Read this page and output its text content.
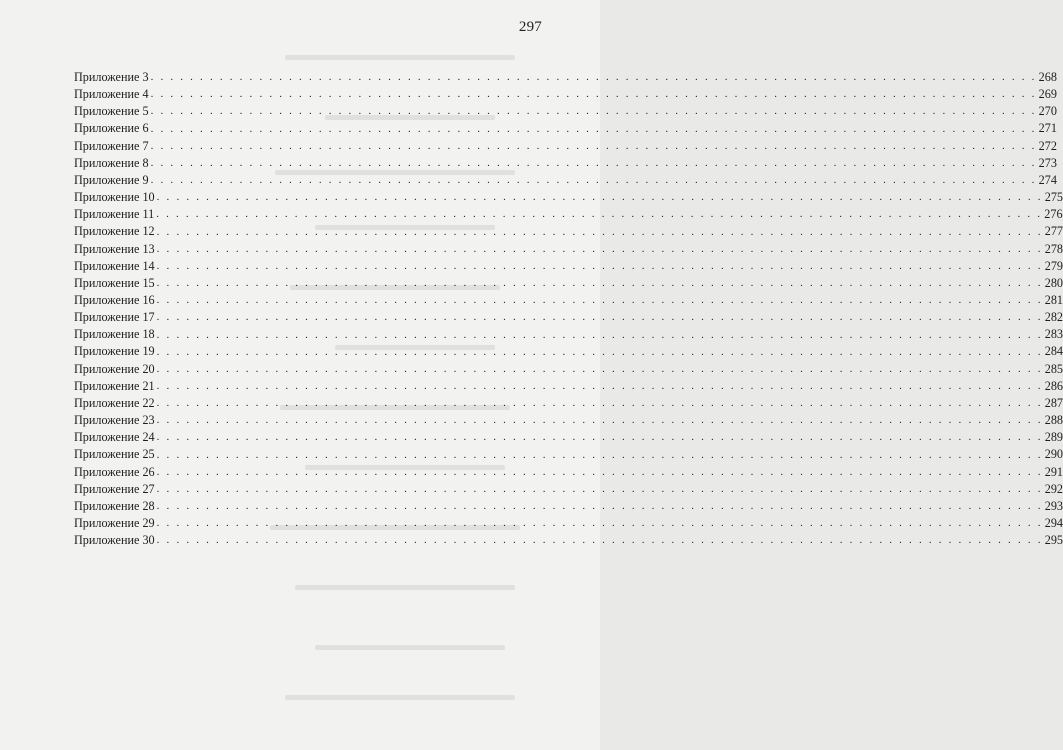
297
Приложение 3 . . . . . . . . . . . . . . . . . . . . . . . . . . . . . . . . . . . . . . . . . . . . . . . . . . . . . . . . . . . . . . . . . . . . . . . . . . . . . . . . . . . . . . . . . . 268
Приложение 4 . . . . . . . . . . . . . . . . . . . . . . . . . . . . . . . . . . . . . . . . . . . . . . . . . . . . . . . . . . . . . . . . . . . . . . . . . . . . . . . . . . . . . . . . . . 269
Приложение 5 . . . . . . . . . . . . . . . . . . . . . . . . . . . . . . . . . . . . . . . . . . . . . . . . . . . . . . . . . . . . . . . . . . . . . . . . . . . . . . . . . . . . . . . . . . 270
Приложение 6 . . . . . . . . . . . . . . . . . . . . . . . . . . . . . . . . . . . . . . . . . . . . . . . . . . . . . . . . . . . . . . . . . . . . . . . . . . . . . . . . . . . . . . . . . . 271
Приложение 7 . . . . . . . . . . . . . . . . . . . . . . . . . . . . . . . . . . . . . . . . . . . . . . . . . . . . . . . . . . . . . . . . . . . . . . . . . . . . . . . . . . . . . . . . . . 272
Приложение 8 . . . . . . . . . . . . . . . . . . . . . . . . . . . . . . . . . . . . . . . . . . . . . . . . . . . . . . . . . . . . . . . . . . . . . . . . . . . . . . . . . . . . . . . . . . 273
Приложение 9 . . . . . . . . . . . . . . . . . . . . . . . . . . . . . . . . . . . . . . . . . . . . . . . . . . . . . . . . . . . . . . . . . . . . . . . . . . . . . . . . . . . . . . . . . . 274
Приложение 10 . . . . . . . . . . . . . . . . . . . . . . . . . . . . . . . . . . . . . . . . . . . . . . . . . . . . . . . . . . . . . . . . . . . . . . . . . . . . . . . . . . . . . . . . . . 275
Приложение 11 . . . . . . . . . . . . . . . . . . . . . . . . . . . . . . . . . . . . . . . . . . . . . . . . . . . . . . . . . . . . . . . . . . . . . . . . . . . . . . . . . . . . . . . . . . 276
Приложение 12 . . . . . . . . . . . . . . . . . . . . . . . . . . . . . . . . . . . . . . . . . . . . . . . . . . . . . . . . . . . . . . . . . . . . . . . . . . . . . . . . . . . . . . . . . . 277
Приложение 13 . . . . . . . . . . . . . . . . . . . . . . . . . . . . . . . . . . . . . . . . . . . . . . . . . . . . . . . . . . . . . . . . . . . . . . . . . . . . . . . . . . . . . . . . . . 278
Приложение 14 . . . . . . . . . . . . . . . . . . . . . . . . . . . . . . . . . . . . . . . . . . . . . . . . . . . . . . . . . . . . . . . . . . . . . . . . . . . . . . . . . . . . . . . . . . 279
Приложение 15 . . . . . . . . . . . . . . . . . . . . . . . . . . . . . . . . . . . . . . . . . . . . . . . . . . . . . . . . . . . . . . . . . . . . . . . . . . . . . . . . . . . . . . . . . . 280
Приложение 16 . . . . . . . . . . . . . . . . . . . . . . . . . . . . . . . . . . . . . . . . . . . . . . . . . . . . . . . . . . . . . . . . . . . . . . . . . . . . . . . . . . . . . . . . . . 281
Приложение 17 . . . . . . . . . . . . . . . . . . . . . . . . . . . . . . . . . . . . . . . . . . . . . . . . . . . . . . . . . . . . . . . . . . . . . . . . . . . . . . . . . . . . . . . . . . 282
Приложение 18 . . . . . . . . . . . . . . . . . . . . . . . . . . . . . . . . . . . . . . . . . . . . . . . . . . . . . . . . . . . . . . . . . . . . . . . . . . . . . . . . . . . . . . . . . . 283
Приложение 19 . . . . . . . . . . . . . . . . . . . . . . . . . . . . . . . . . . . . . . . . . . . . . . . . . . . . . . . . . . . . . . . . . . . . . . . . . . . . . . . . . . . . . . . . . . 284
Приложение 20 . . . . . . . . . . . . . . . . . . . . . . . . . . . . . . . . . . . . . . . . . . . . . . . . . . . . . . . . . . . . . . . . . . . . . . . . . . . . . . . . . . . . . . . . . . 285
Приложение 21 . . . . . . . . . . . . . . . . . . . . . . . . . . . . . . . . . . . . . . . . . . . . . . . . . . . . . . . . . . . . . . . . . . . . . . . . . . . . . . . . . . . . . . . . . . 286
Приложение 22 . . . . . . . . . . . . . . . . . . . . . . . . . . . . . . . . . . . . . . . . . . . . . . . . . . . . . . . . . . . . . . . . . . . . . . . . . . . . . . . . . . . . . . . . . . 287
Приложение 23 . . . . . . . . . . . . . . . . . . . . . . . . . . . . . . . . . . . . . . . . . . . . . . . . . . . . . . . . . . . . . . . . . . . . . . . . . . . . . . . . . . . . . . . . . . 288
Приложение 24 . . . . . . . . . . . . . . . . . . . . . . . . . . . . . . . . . . . . . . . . . . . . . . . . . . . . . . . . . . . . . . . . . . . . . . . . . . . . . . . . . . . . . . . . . . 289
Приложение 25 . . . . . . . . . . . . . . . . . . . . . . . . . . . . . . . . . . . . . . . . . . . . . . . . . . . . . . . . . . . . . . . . . . . . . . . . . . . . . . . . . . . . . . . . . . 290
Приложение 26 . . . . . . . . . . . . . . . . . . . . . . . . . . . . . . . . . . . . . . . . . . . . . . . . . . . . . . . . . . . . . . . . . . . . . . . . . . . . . . . . . . . . . . . . . . 291
Приложение 27 . . . . . . . . . . . . . . . . . . . . . . . . . . . . . . . . . . . . . . . . . . . . . . . . . . . . . . . . . . . . . . . . . . . . . . . . . . . . . . . . . . . . . . . . . . 292
Приложение 28 . . . . . . . . . . . . . . . . . . . . . . . . . . . . . . . . . . . . . . . . . . . . . . . . . . . . . . . . . . . . . . . . . . . . . . . . . . . . . . . . . . . . . . . . . . 293
Приложение 29 . . . . . . . . . . . . . . . . . . . . . . . . . . . . . . . . . . . . . . . . . . . . . . . . . . . . . . . . . . . . . . . . . . . . . . . . . . . . . . . . . . . . . . . . . . 294
Приложение 30 . . . . . . . . . . . . . . . . . . . . . . . . . . . . . . . . . . . . . . . . . . . . . . . . . . . . . . . . . . . . . . . . . . . . . . . . . . . . . . . . . . . . . . . . . . 295
